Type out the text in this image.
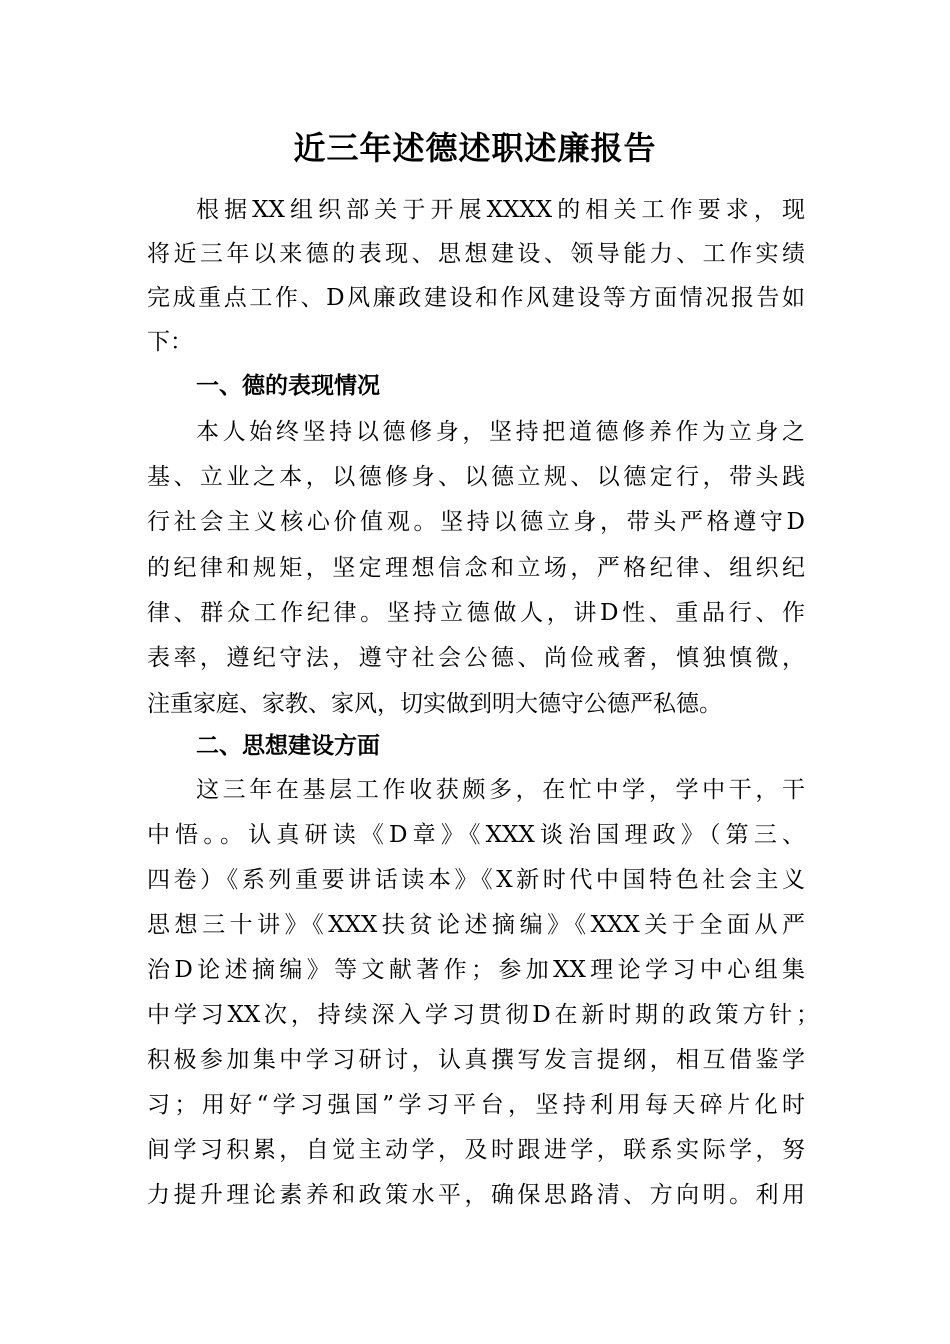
近三年述德述职述廉报告
根据XX组织部关于开展XXXX的相关工作要求，现
将近三年以来德的表现、思想建设、领导能力、工作实绩
完成重点工作、D风廉政建设和作风建设等方面情况报告如
下：
一、德的表现情况
本人始终坚持以德修身，坚持把道德修养作为立身之
基、立业之本，以德修身、以德立规、以德定行，带头践
行社会主义核心价值观。坚持以德立身，带头严格遵守D
的纪律和规矩，坚定理想信念和立场，严格纪律、组织纪
律、群众工作纪律。坚持立德做人，讲D性、重品行、作
表率，遵纪守法，遵守社会公德、尚俭戒奢，慎独慎微，
注重家庭、家教、家风，切实做到明大德守公德严私德。
二、思想建设方面
这三年在基层工作收获颇多，在忙中学，学中干，干
中悟。。认真研读《D章》《XXX谈治国理政》（第三、
四卷）《系列重要讲话读本》《X新时代中国特色社会主义
思想三十讲》《XXX扶贫论述摘编》《XXX关于全面从严
治D论述摘编》等文献著作；参加XX理论学习中心组集
中学习XX次，持续深入学习贯彻D在新时期的政策方针；
积极参加集中学习研讨，认真撰写发言提纲，相互借鉴学
习；用好“学习强国”学习平台，坚持利用每天碎片化时
间学习积累，自觉主动学，及时跟进学，联系实际学，努
力提升理论素养和政策水平，确保思路清、方向明。利用
